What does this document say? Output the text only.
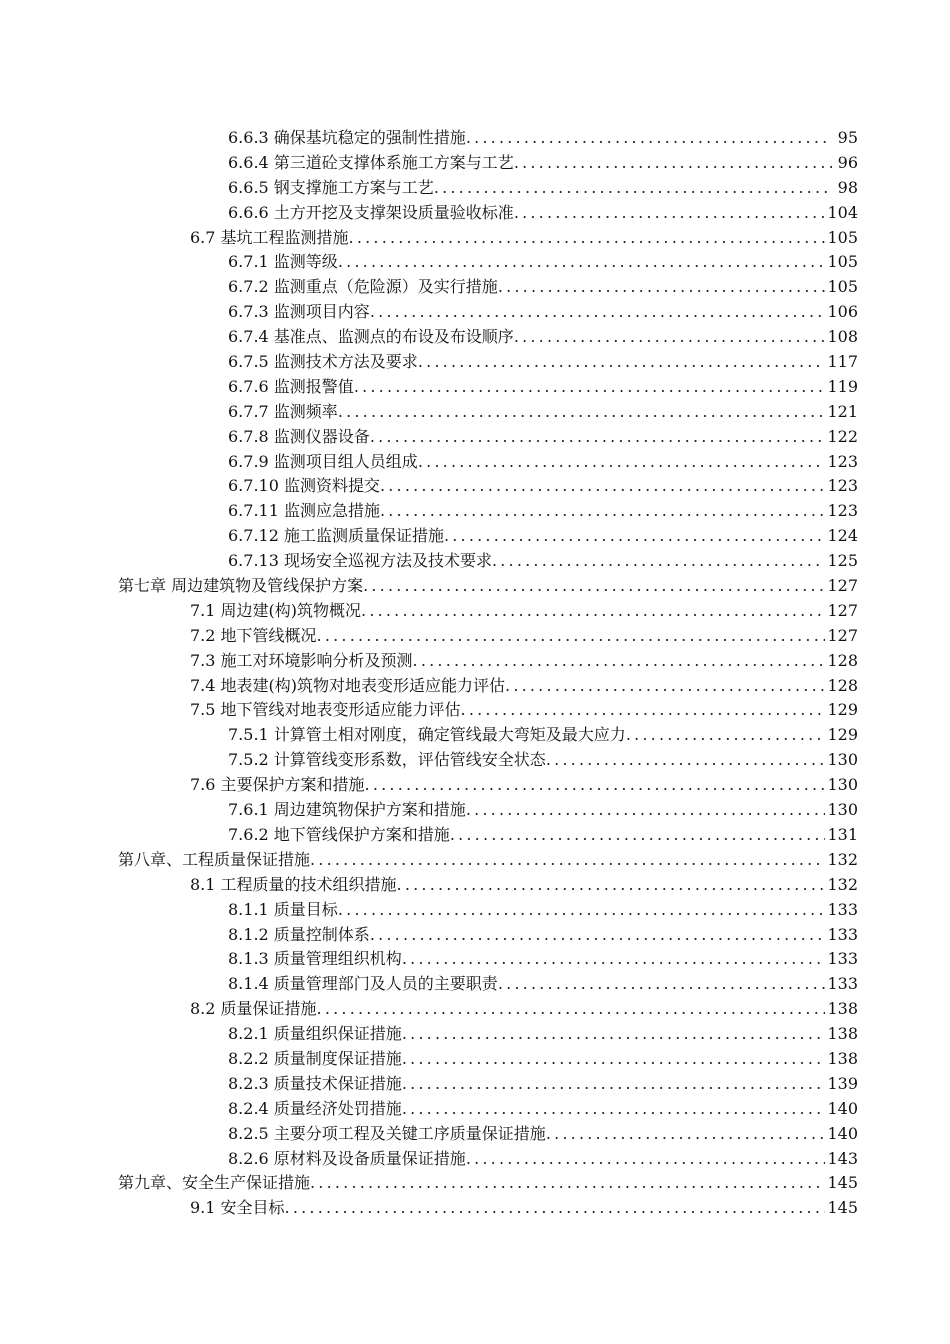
6.6.3 确保基坑稳定的强制性措施 .....	95
6.6.4 第三道砼支撑体系施工方案与工艺 .....	96
6.6.5 钢支撑施工方案与工艺 .....	98
6.6.6 土方开挖及支撑架设质量验收标准 .....	104
6.7 基坑工程监测措施 .....	105
6.7.1 监测等级 .....	105
6.7.2 监测重点（危险源）及实行措施 .....	105
6.7.3 监测项目内容 .....	106
6.7.4 基准点、监测点的布设及布设顺序 .....	108
6.7.5 监测技术方法及要求 .....	117
6.7.6 监测报警值 .....	119
6.7.7 监测频率 .....	121
6.7.8 监测仪器设备 .....	122
6.7.9 监测项目组人员组成 .....	123
6.7.10 监测资料提交 .....	123
6.7.11 监测应急措施 .....	123
6.7.12 施工监测质量保证措施 .....	124
6.7.13 现场安全巡视方法及技术要求 .....	125
第七章 周边建筑物及管线保护方案 .....	127
7.1 周边建(构)筑物概况 .....	127
7.2 地下管线概况 .....	127
7.3 施工对环境影响分析及预测 .....	128
7.4 地表建(构)筑物对地表变形适应能力评估 .....	128
7.5 地下管线对地表变形适应能力评估 .....	129
7.5.1 计算管土相对刚度，确定管线最大弯矩及最大应力 .....	129
7.5.2 计算管线变形系数，评估管线安全状态 .....	130
7.6 主要保护方案和措施 .....	130
7.6.1 周边建筑物保护方案和措施 .....	130
7.6.2 地下管线保护方案和措施 .....	131
第八章、工程质量保证措施 .....	132
8.1 工程质量的技术组织措施 .....	132
8.1.1 质量目标 .....	133
8.1.2 质量控制体系 .....	133
8.1.3 质量管理组织机构 .....	133
8.1.4 质量管理部门及人员的主要职责 .....	133
8.2 质量保证措施 .....	138
8.2.1 质量组织保证措施 .....	138
8.2.2 质量制度保证措施 .....	138
8.2.3 质量技术保证措施 .....	139
8.2.4 质量经济处罚措施 .....	140
8.2.5 主要分项工程及关键工序质量保证措施 .....	140
8.2.6 原材料及设备质量保证措施 .....	143
第九章、安全生产保证措施 .....	145
9.1 安全目标 .....	145
